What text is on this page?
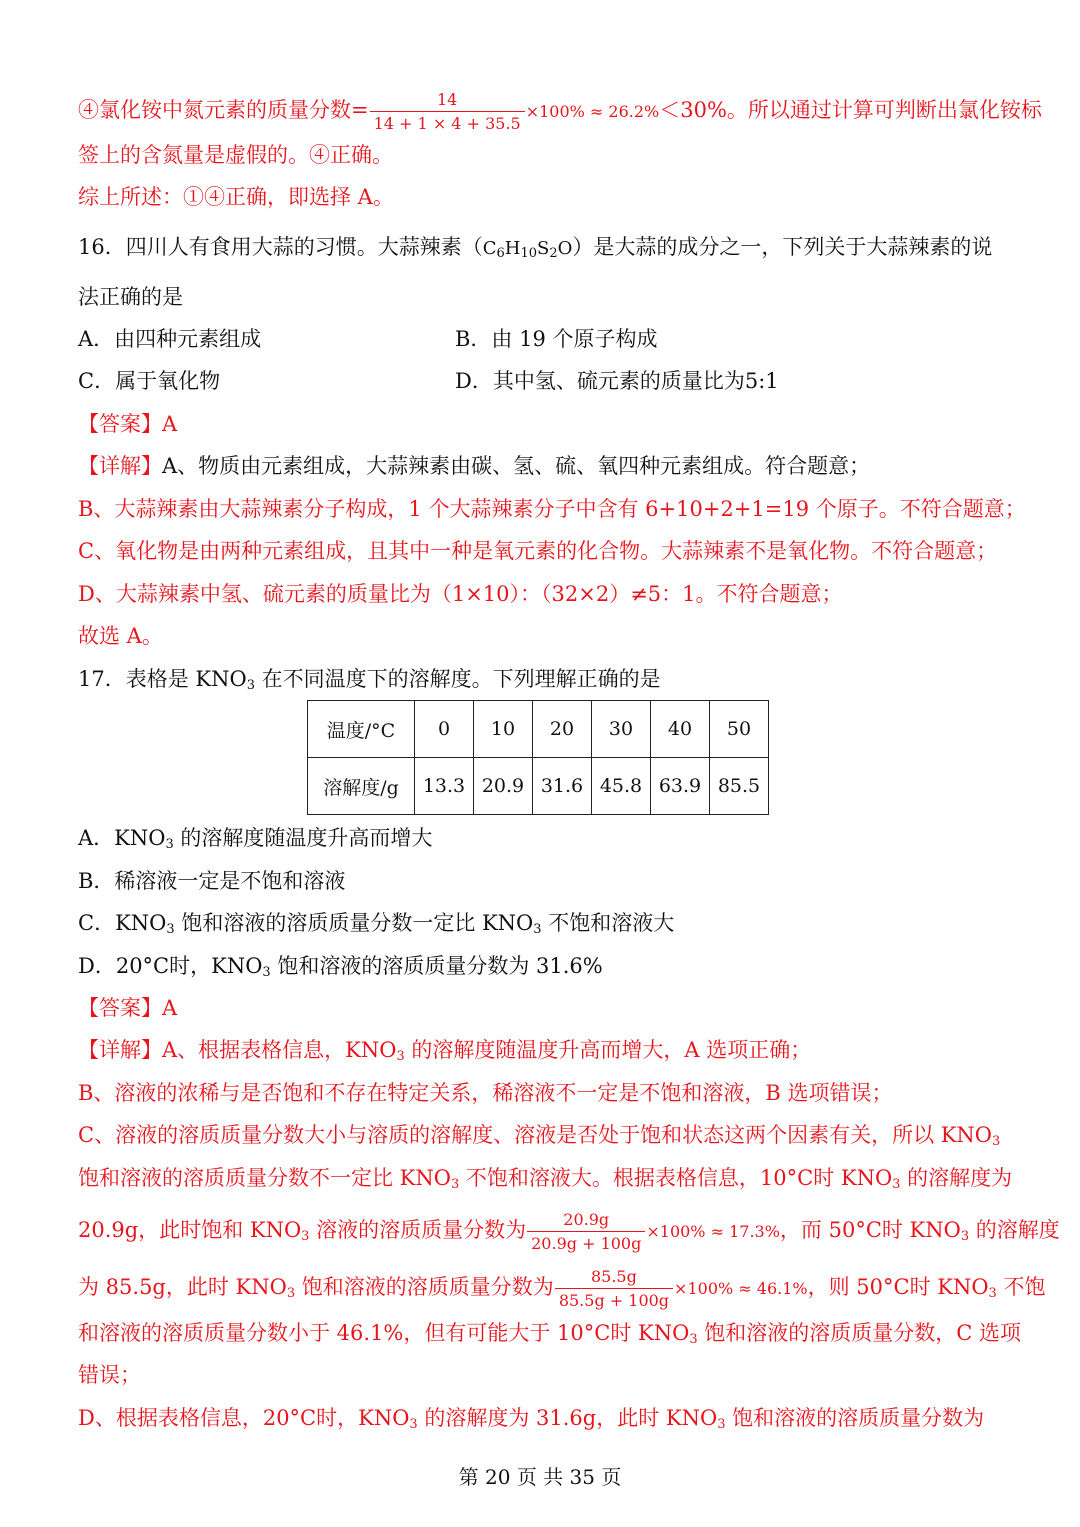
④氯化铵中氮元素的质量分数= $\frac{14}{14 + 1 \times 4 + 35.5} \times 100\% \approx 26.2\%<30\%$。所以通过计算可判断出氯化铵标
签上的含氮量是虚假的。④正确。
综上所述：①④正确，即选择 A。
16．四川人有食用大蒜的习惯。大蒜辣素$(C_6H_{10}S_2O)$是大蒜的成分之一，下列关于大蒜辣素的说
法正确的是
A．由四种元素组成	B．由 19 个原子构成
C．属于氧化物	D．其中氢、硫元素的质量比为5:1
【答案】A
【详解】A、物质由元素组成，大蒜辣素由碳、氢、硫、氧四种元素组成。符合题意；
B、大蒜辣素由大蒜辣素分子构成，1 个大蒜辣素分子中含有 6+10+2+1=19 个原子。不符合题意；
C、氧化物是由两种元素组成，且其中一种是氧元素的化合物。大蒜辣素不是氧化物。不符合题意；
D、大蒜辣素中氢、硫元素的质量比为（1×10）：（32×2）≠5：1。不符合题意；
故选 A。
17．表格是 $KNO_3$ 在不同温度下的溶解度。下列理解正确的是
温度/°C	0	10	20	30	40	50
溶解度/g	13.3	20.9	31.6	45.8	63.9	85.5
A．$KNO_3$ 的溶解度随温度升高而增大
B．稀溶液一定是不饱和溶液
C．$KNO_3$ 饱和溶液的溶质质量分数一定比 $KNO_3$ 不饱和溶液大
D．20°C时，$KNO_3$ 饱和溶液的溶质质量分数为 31.6%
【答案】A
【详解】A、根据表格信息，$KNO_3$ 的溶解度随温度升高而增大，A 选项正确；
B、溶液的浓稀与是否饱和不存在特定关系，稀溶液不一定是不饱和溶液，B 选项错误；
C、溶液的溶质质量分数大小与溶质的溶解度、溶液是否处于饱和状态这两个因素有关，所以 $KNO_3$
饱和溶液的溶质质量分数不一定比 $KNO_3$ 不饱和溶液大。根据表格信息，10°C时 $KNO_3$ 的溶解度为
20.9g，此时饱和 $KNO_3$ 溶液的溶质质量分数为 $\frac{20.9g}{20.9g + 100g} \times 100\% \approx 17.3\%$，而 50°C时 $KNO_3$ 的溶解度
为 85.5g，此时 $KNO_3$ 饱和溶液的溶质质量分数为 $\frac{85.5g}{85.5g + 100g} \times 100\% \approx 46.1\%$，则 50°C时 $KNO_3$ 不饱
和溶液的溶质质量分数小于 46.1%，但有可能大于 10°C时 $KNO_3$ 饱和溶液的溶质质量分数，C 选项
错误；
D、根据表格信息，20°C时，$KNO_3$ 的溶解度为 31.6g，此时 $KNO_3$ 饱和溶液的溶质质量分数为
第 20 页 共 35 页
